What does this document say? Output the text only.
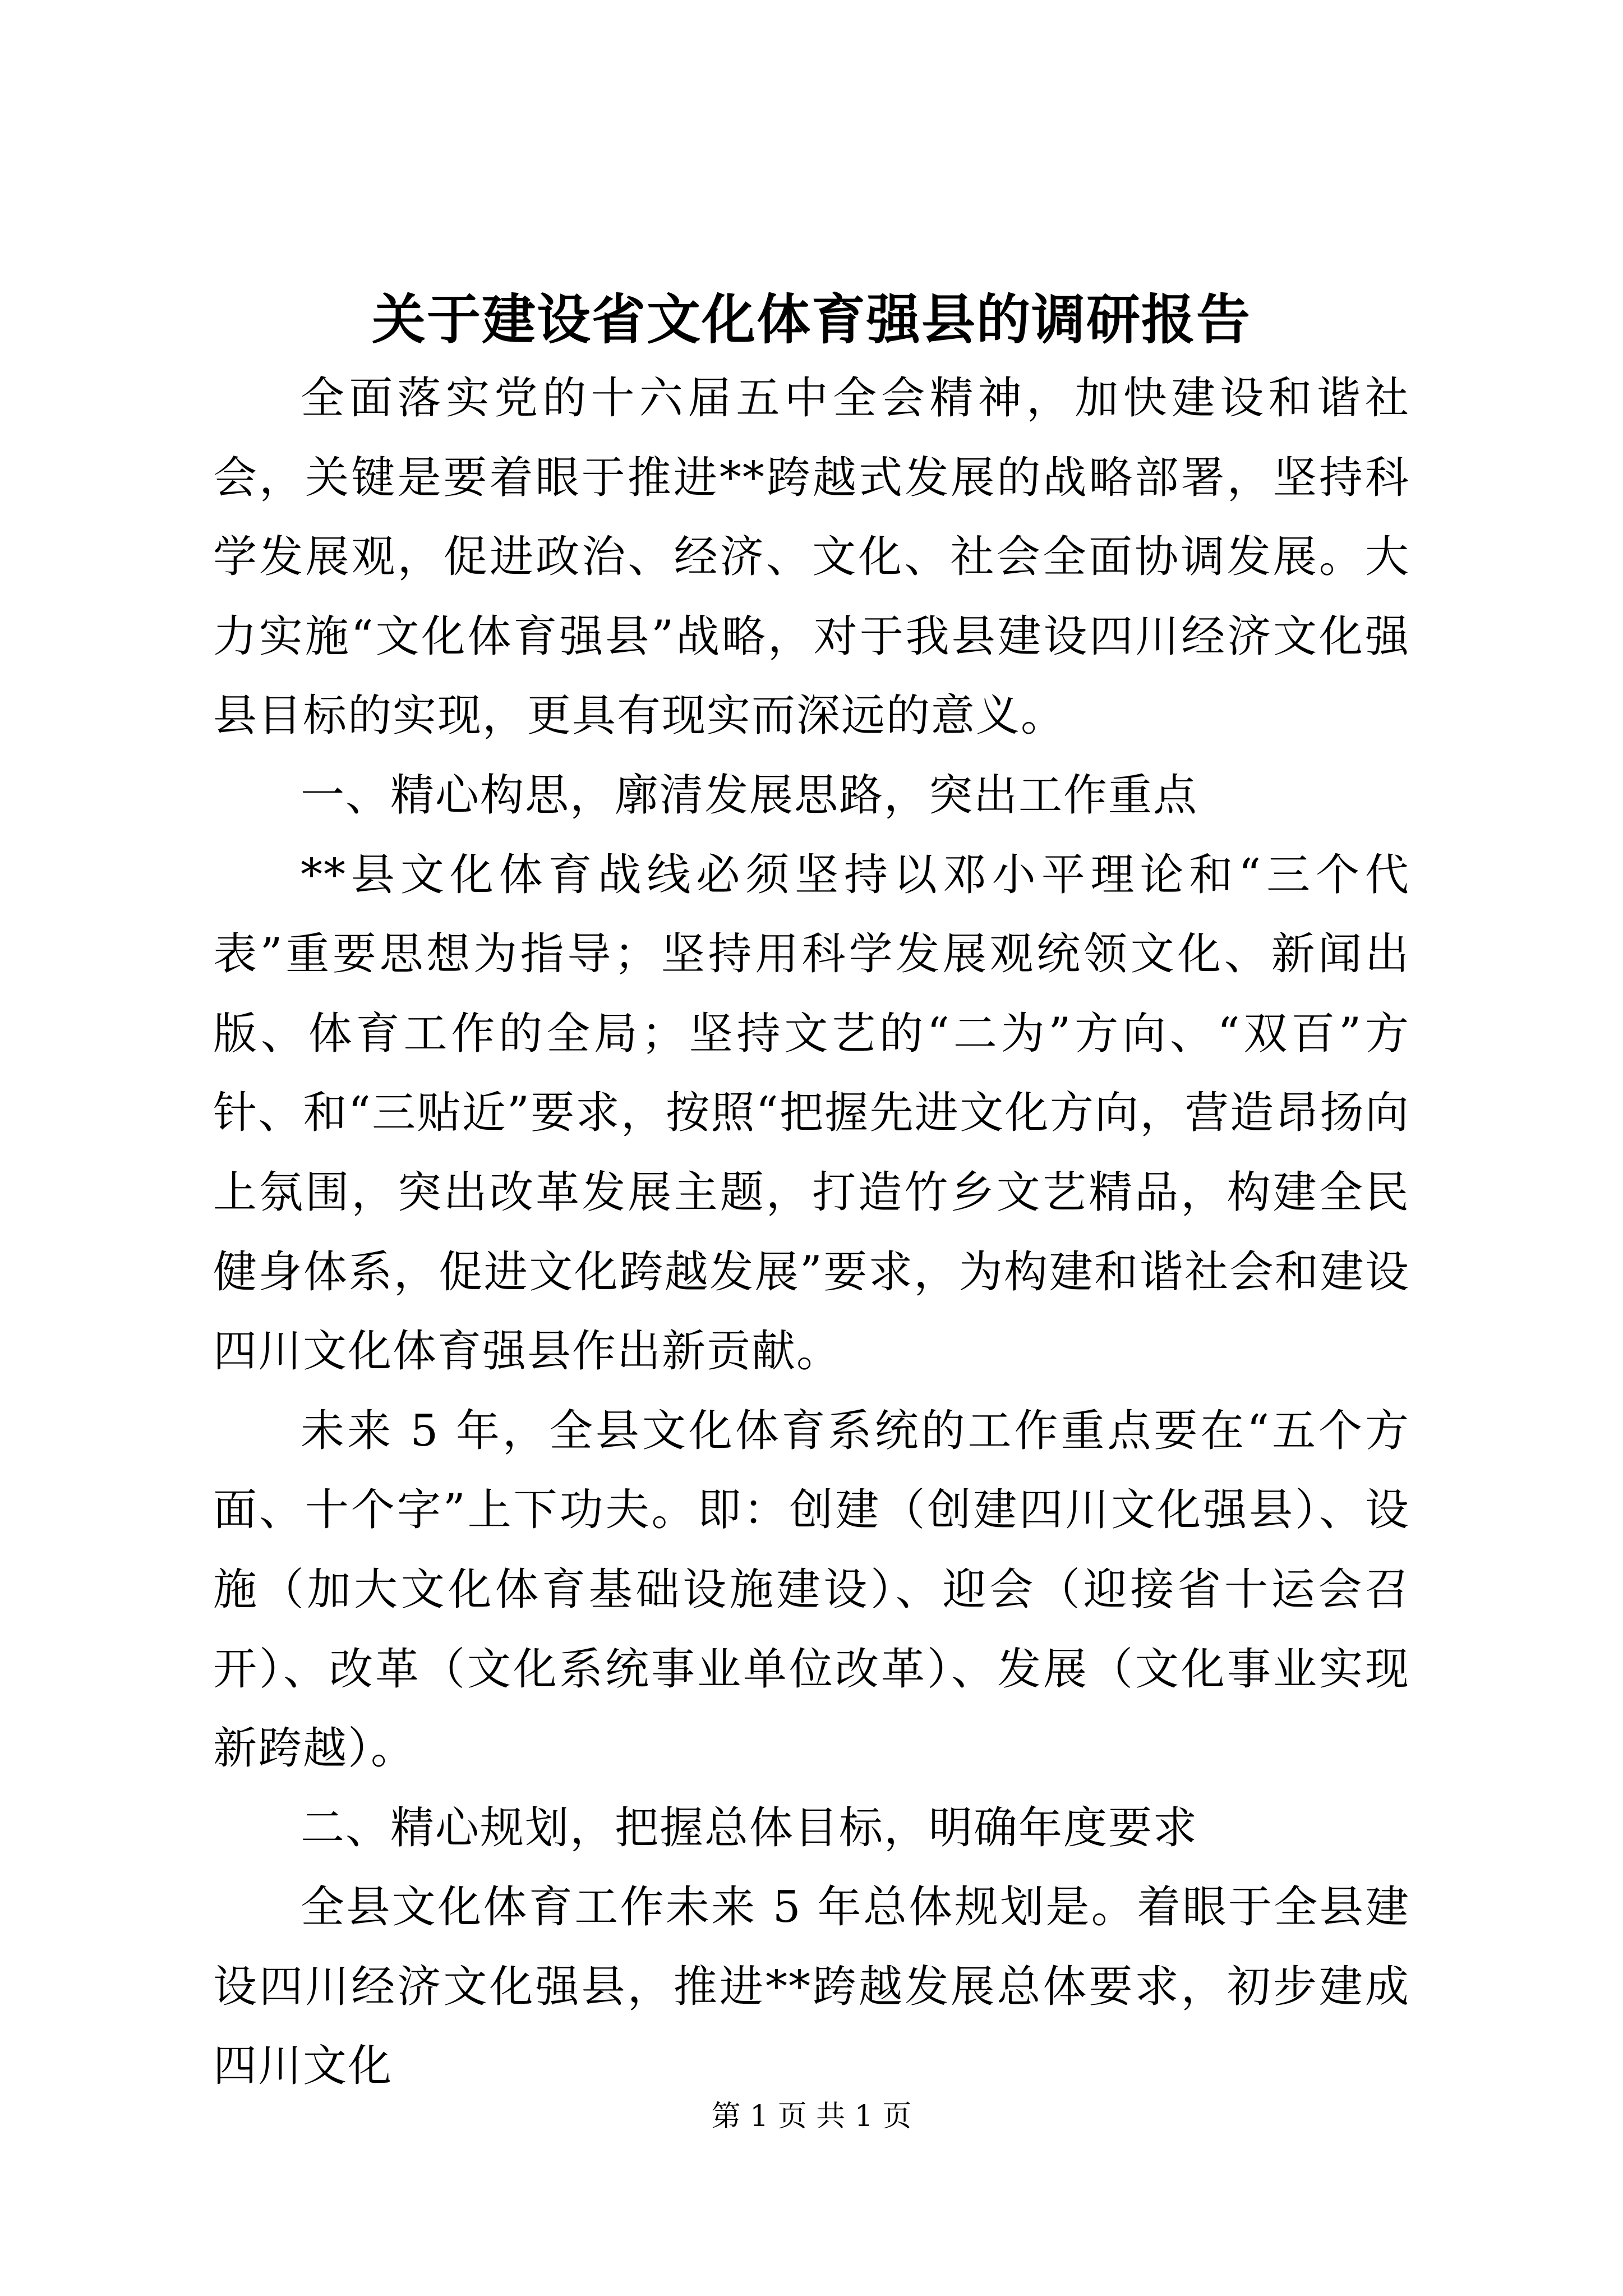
关于建设省文化体育强县的调研报告

全面落实党的十六届五中全会精神，加快建设和谐社会，关键是要着眼于推进**跨越式发展的战略部署，坚持科学发展观，促进政治、经济、文化、社会全面协调发展。大力实施“文化体育强县”战略，对于我县建设四川经济文化强县目标的实现，更具有现实而深远的意义。

一、精心构思，廓清发展思路，突出工作重点

**县文化体育战线必须坚持以邓小平理论和“三个代表”重要思想为指导；坚持用科学发展观统领文化、新闻出版、体育工作的全局；坚持文艺的“二为”方向、“双百”方针、和“三贴近”要求，按照“把握先进文化方向，营造昂扬向上氛围，突出改革发展主题，打造竹乡文艺精品，构建全民健身体系，促进文化跨越发展”要求，为构建和谐社会和建设四川文化体育强县作出新贡献。

未来 5 年，全县文化体育系统的工作重点要在“五个方面、十个字”上下功夫。即：创建（创建四川文化强县）、设施（加大文化体育基础设施建设）、迎会（迎接省十运会召开）、改革（文化系统事业单位改革）、发展（文化事业实现新跨越）。

二、精心规划，把握总体目标，明确年度要求

全县文化体育工作未来 5 年总体规划是。着眼于全县建设四川经济文化强县，推进**跨越发展总体要求，初步建成四川文化

第 1 页 共 1 页
